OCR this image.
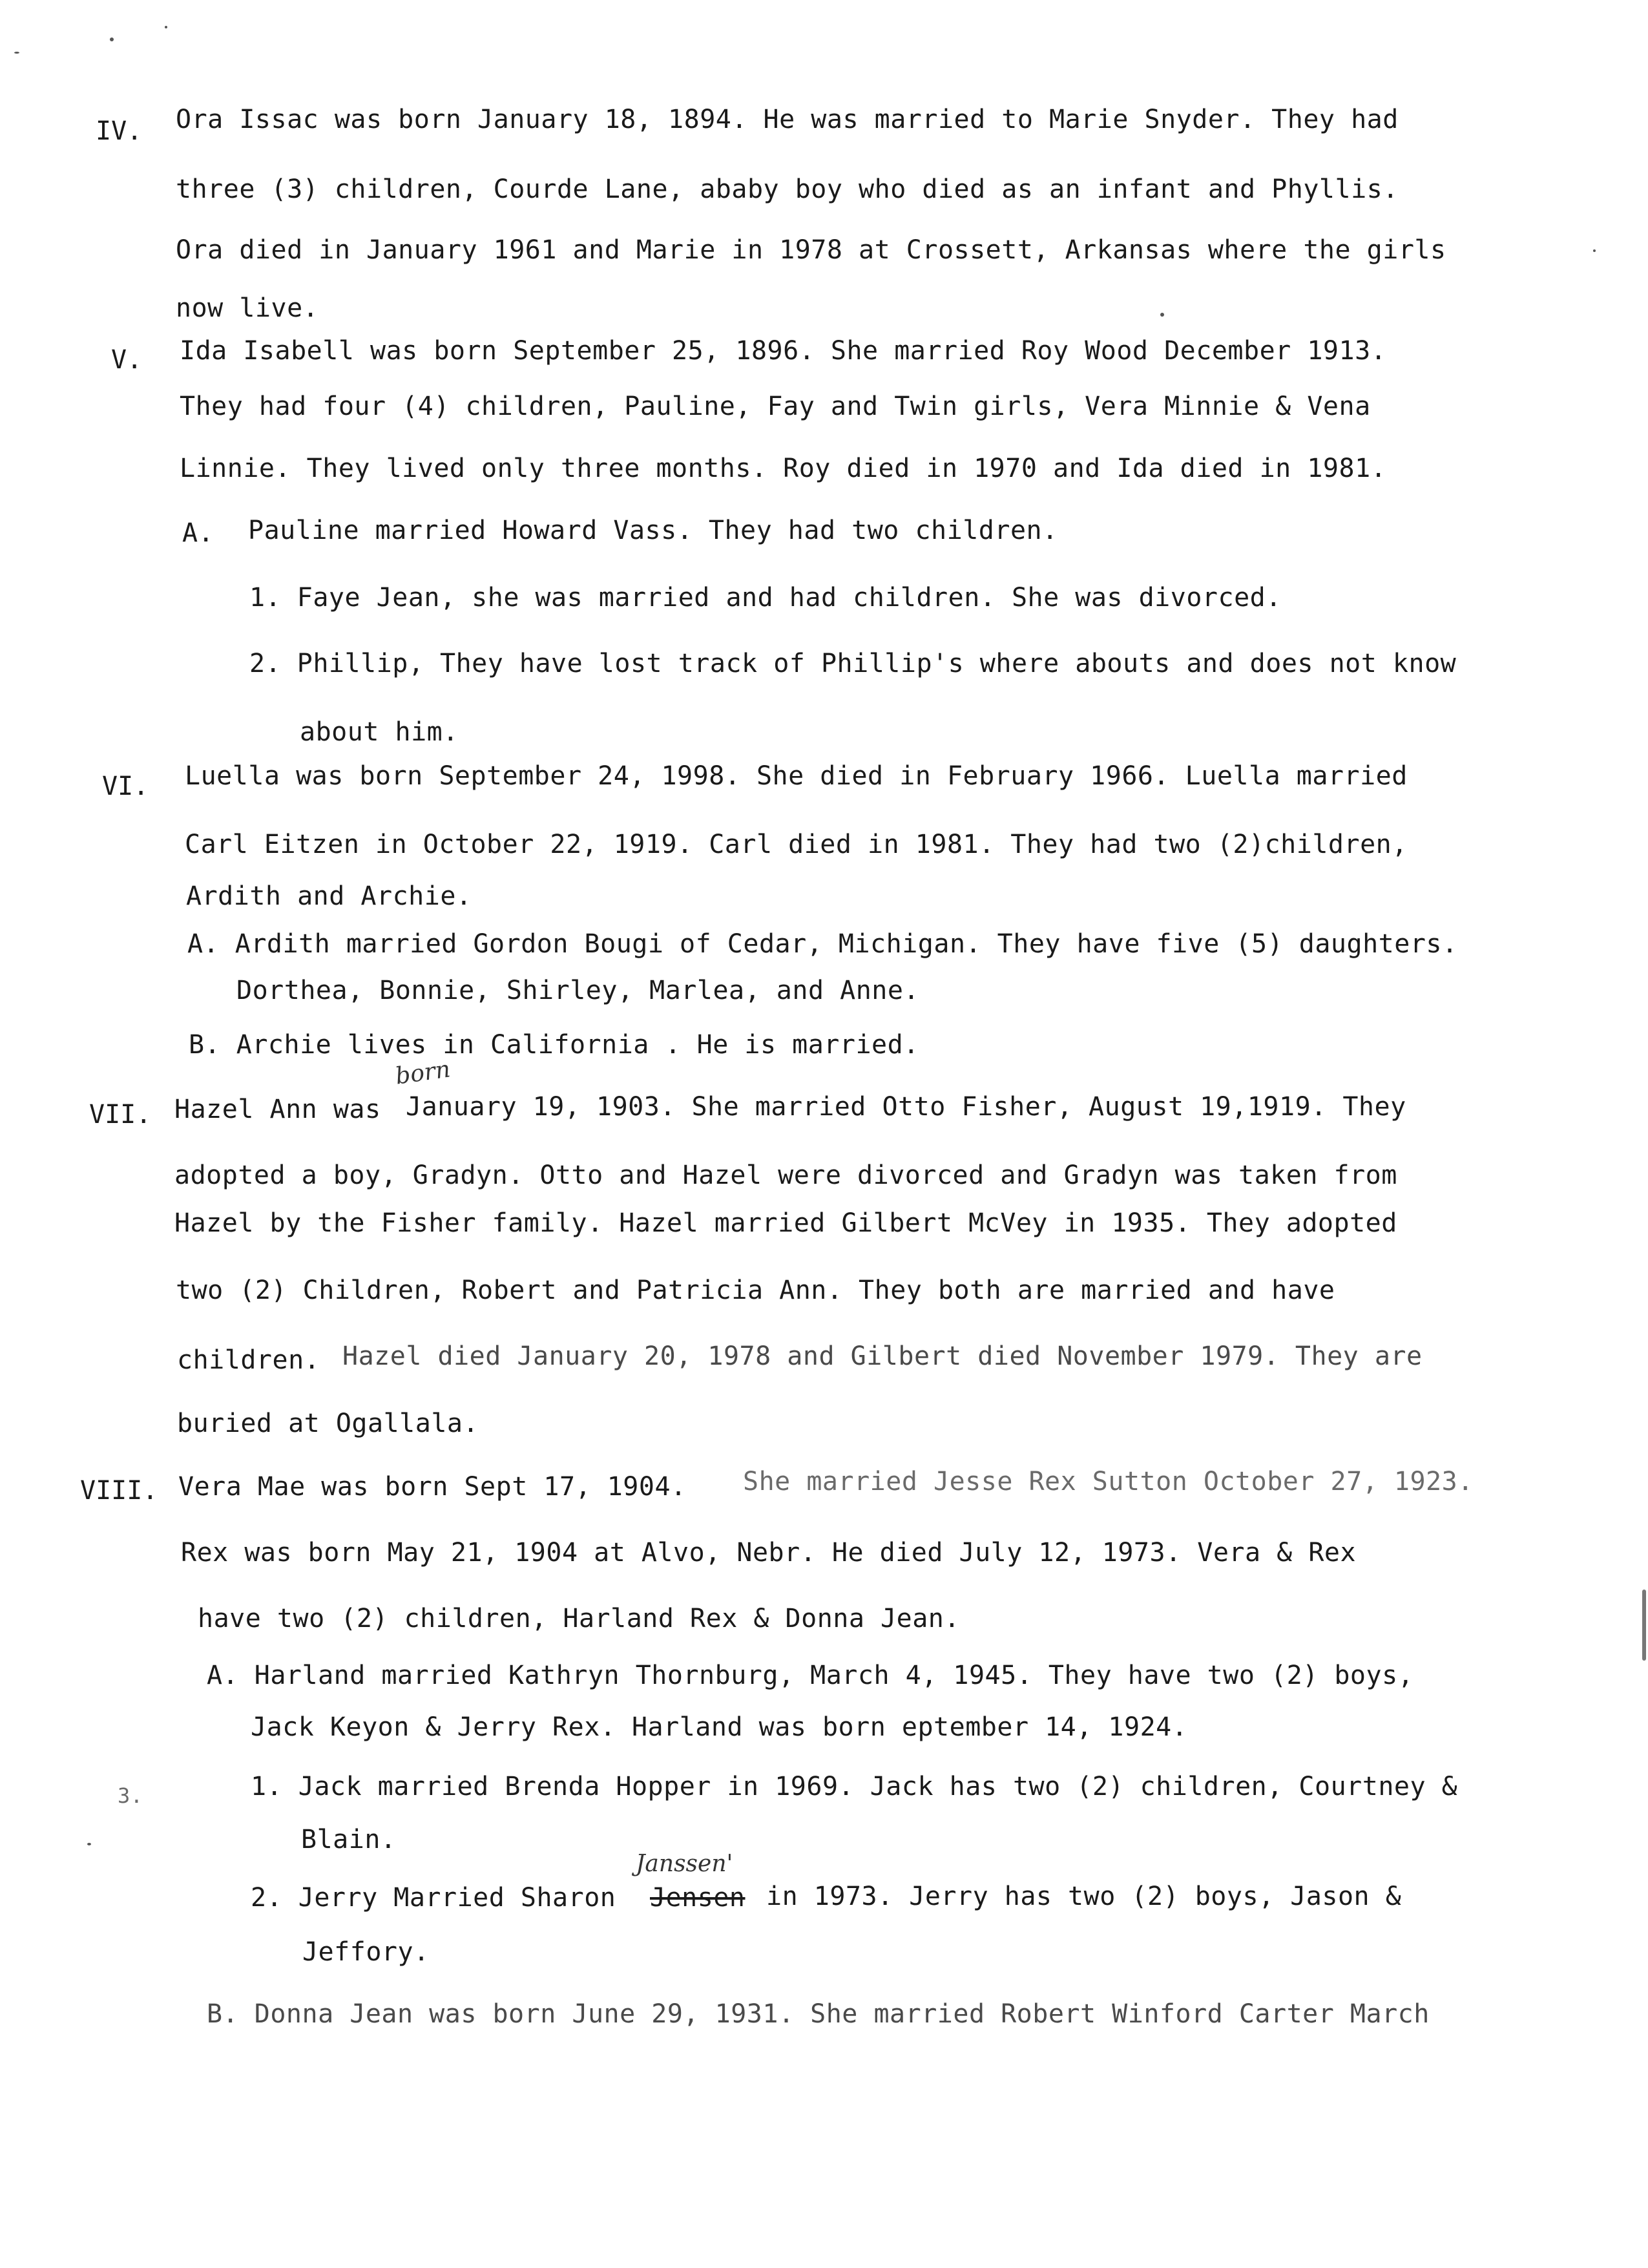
IV. Ora Issac was born January 18, 1894. He was married to Marie Snyder. They had
three (3) children, Courde Lane, ababy boy who died as an infant and Phyllis.
Ora died in January 1961 and Marie in 1978 at Crossett, Arkansas where the girls
now live.
V. Ida Isabell was born September 25, 1896. She married Roy Wood December 1913.
They had four (4) children, Pauline, Fay and Twin girls, Vera Minnie & Vena
Linnie. They lived only three months. Roy died in 1970 and Ida died in 1981.
A. Pauline married Howard Vass. They had two children.
1. Faye Jean, she was married and had children. She was divorced.
2. Phillip, They have lost track of Phillip's where abouts and does not know
about him.
VI. Luella was born September 24, 1998. She died in February 1966. Luella married
Carl Eitzen in October 22, 1919. Carl died in 1981. They had two (2)children,
Ardith and Archie.
A. Ardith married Gordon Bougi of Cedar, Michigan. They have five (5) daughters.
Dorthea, Bonnie, Shirley, Marlea, and Anne.
B. Archie lives in California . He is married.
VII. Hazel Ann was
born
January 19, 1903. She married Otto Fisher, August 19,1919. They
adopted a boy, Gradyn. Otto and Hazel were divorced and Gradyn was taken from
Hazel by the Fisher family. Hazel married Gilbert McVey in 1935. They adopted
two (2) Children, Robert and Patricia Ann. They both are married and have
children. Hazel died January 20, 1978 and Gilbert died November 1979. They are
buried at Ogallala.
VIII. Vera Mae was born Sept 17, 1904. She married Jesse Rex Sutton October 27, 1923.
Rex was born May 21, 1904 at Alvo, Nebr. He died July 12, 1973. Vera & Rex
have two (2) children, Harland Rex & Donna Jean.
A. Harland married Kathryn Thornburg, March 4, 1945. They have two (2) boys,
Jack Keyon & Jerry Rex. Harland was born eptember 14, 1924.
3.	1. Jack married Brenda Hopper in 1969. Jack has two (2) children, Courtney &
Blain.
Janssen'
2. Jerry Married Sharon Jensen in 1973. Jerry has two (2) boys, Jason &
Jeffory.
B. Donna Jean was born June 29, 1931. She married Robert Winford Carter March
